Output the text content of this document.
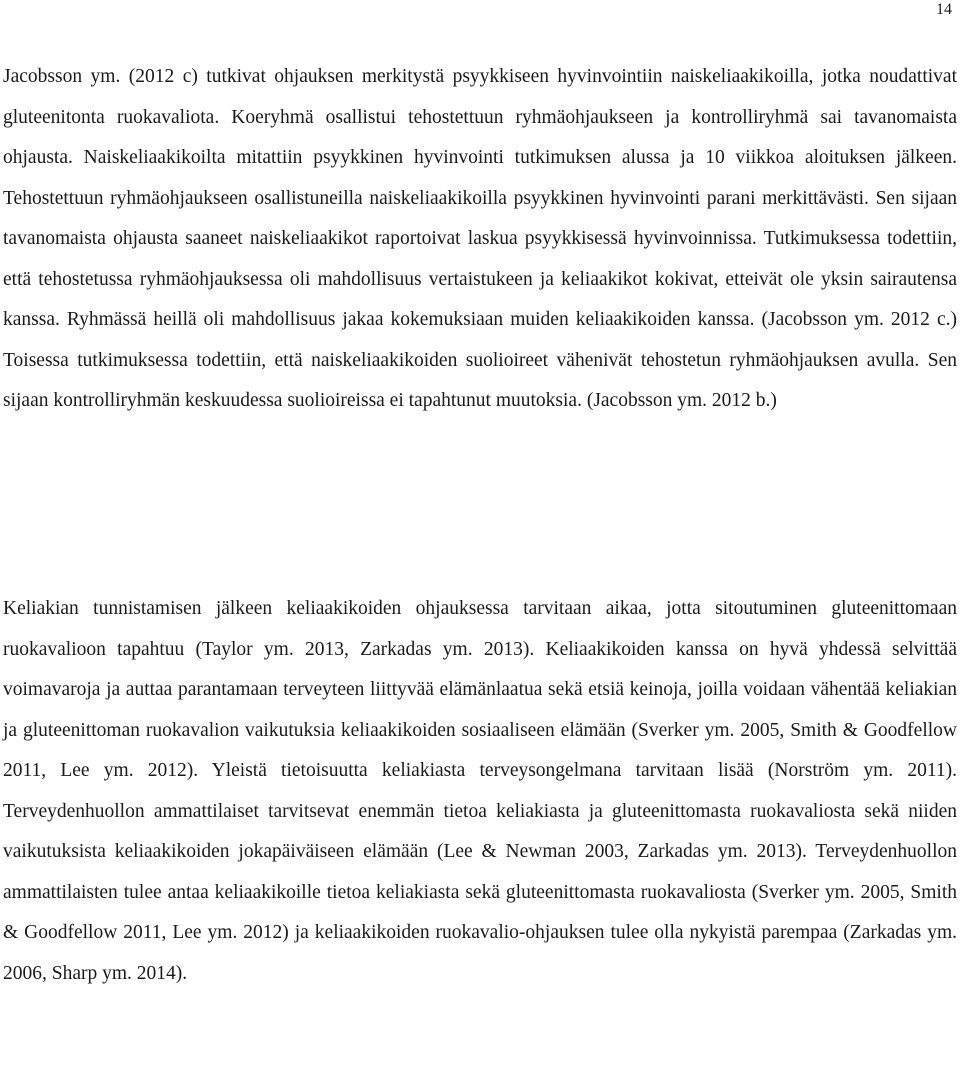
14

Jacobsson ym. (2012 c) tutkivat ohjauksen merkitystä psyykkiseen hyvinvointiin naiskeliaakikoilla, jotka noudattivat gluteenitonta ruokavaliota. Koeryhmä osallistui tehostettuun ryhmäohjaukseen ja kontrolliryhmä sai tavanomaista ohjausta. Naiskeliaakikoilta mitattiin psyykkinen hyvinvointi tutkimuksen alussa ja 10 viikkoa aloituksen jälkeen. Tehostettuun ryhmäohjaukseen osallistuneilla naiskeliaakikoilla psyykkinen hyvinvointi parani merkittävästi. Sen sijaan tavanomaista ohjausta saaneet naiskeliaakikot raportoivat laskua psyykkisessä hyvinvoinnissa. Tutkimuksessa todettiin, että tehostetussa ryhmäohjauksessa oli mahdollisuus vertaistukeen ja keliaakikot kokivat, etteivät ole yksin sairautensa kanssa. Ryhmässä heillä oli mahdollisuus jakaa kokemuksiaan muiden keliaakikoiden kanssa. (Jacobsson ym. 2012 c.) Toisessa tutkimuksessa todettiin, että naiskeliaakikoiden suolioireet vähenivät tehostetun ryhmäohjauksen avulla. Sen sijaan kontrolliryhmän keskuudessa suolioireissa ei tapahtunut muutoksia. (Jacobsson ym. 2012 b.)

Keliakian tunnistamisen jälkeen keliaakikoiden ohjauksessa tarvitaan aikaa, jotta sitoutuminen gluteenittomaan ruokavalioon tapahtuu (Taylor ym. 2013, Zarkadas ym. 2013). Keliaakikoiden kanssa on hyvä yhdessä selvittää voimavaroja ja auttaa parantamaan terveyteen liittyvää elämänlaatua sekä etsiä keinoja, joilla voidaan vähentää keliakian ja gluteenittoman ruokavalion vaikutuksia keliaakikoiden sosiaaliseen elämään (Sverker ym. 2005, Smith & Goodfellow 2011, Lee ym. 2012). Yleistä tietoisuutta keliakiasta terveysongelmana tarvitaan lisää (Norström ym. 2011). Terveydenhuollon ammattilaiset tarvitsevat enemmän tietoa keliakiasta ja gluteenittomasta ruokavaliosta sekä niiden vaikutuksista keliaakikoiden jokapäiväiseen elämään (Lee & Newman 2003, Zarkadas ym. 2013). Terveydenhuollon ammattilaisten tulee antaa keliaakikoille tietoa keliakiasta sekä gluteenittomasta ruokavaliosta (Sverker ym. 2005, Smith & Goodfellow 2011, Lee ym. 2012) ja keliaakikoiden ruokavalio-ohjauksen tulee olla nykyistä parempaa (Zarkadas ym. 2006, Sharp ym. 2014).
